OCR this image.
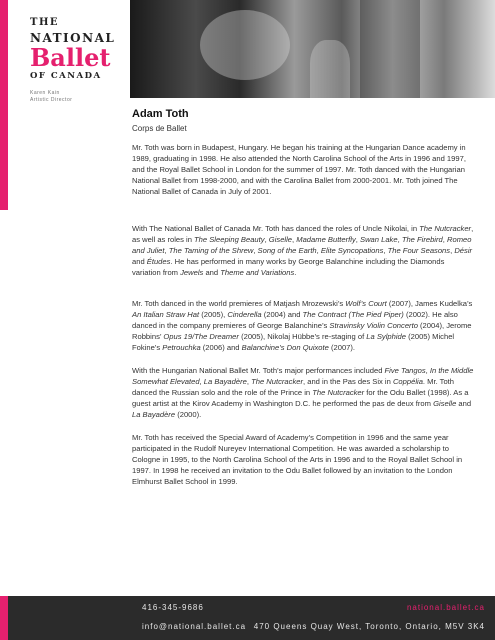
THE
NATIONAL
Ballet
OF CANADA
Karen Kain
Artistic Director
Adam Toth
Corps de Ballet

Mr. Toth was born in Budapest, Hungary. He began his training at the Hungarian Dance academy in 1989, graduating in 1998. He also attended the North Carolina School of the Arts in 1996 and 1997, and the Royal Ballet School in London for the summer of 1997. Mr. Toth danced with the Hungarian National Ballet from 1998-2000, and with the Carolina Ballet from 2000-2001. Mr. Toth joined The National Ballet of Canada in July of 2001.

With The National Ballet of Canada Mr. Toth has danced the roles of Uncle Nikolai, in The Nutcracker, as well as roles in The Sleeping Beauty, Giselle, Madame Butterfly, Swan Lake, The Firebird, Romeo and Juliet, The Taming of the Shrew, Song of the Earth, Elite Syncopations, The Four Seasons, Désir and Études. He has performed in many works by George Balanchine including the Diamonds variation from Jewels and Theme and Variations.

Mr. Toth danced in the world premieres of Matjash Mrozewski’s Wolf’s Court (2007), James Kudelka’s An Italian Straw Hat (2005), Cinderella (2004) and The Contract (The Pied Piper) (2002). He also danced in the company premieres of George Balanchine’s Stravinsky Violin Concerto (2004), Jerome Robbins’ Opus 19/The Dreamer (2005), Nikolaj Hübbe’s re-staging of La Sylphide (2005) Michel Fokine’s Petrouchka (2006) and Balanchine’s Don Quixote (2007).

With the Hungarian National Ballet Mr. Toth’s major performances included Five Tangos, In the Middle Somewhat Elevated, La Bayadère, The Nutcracker, and in the Pas des Six in Coppélia. Mr. Toth danced the Russian solo and the role of the Prince in The Nutcracker for the Odu Ballet (1998). As a guest artist at the Kirov Academy in Washington D.C. he performed the pas de deux from Giselle and La Bayadère (2000).

Mr. Toth has received the Special Award of Academy’s Competition in 1996 and the same year participated in the Rudolf Nureyev International Competition. He was awarded a scholarship to Cologne in 1995, to the North Carolina School of the Arts in 1996 and to the Royal Ballet School in 1997. In 1998 he received an invitation to the Odu Ballet followed by an invitation to the London Elmhurst Ballet School in 1999.

416-345-9686
info@national.ballet.ca
national.ballet.ca
470 Queens Quay West, Toronto, Ontario, M5V 3K4
